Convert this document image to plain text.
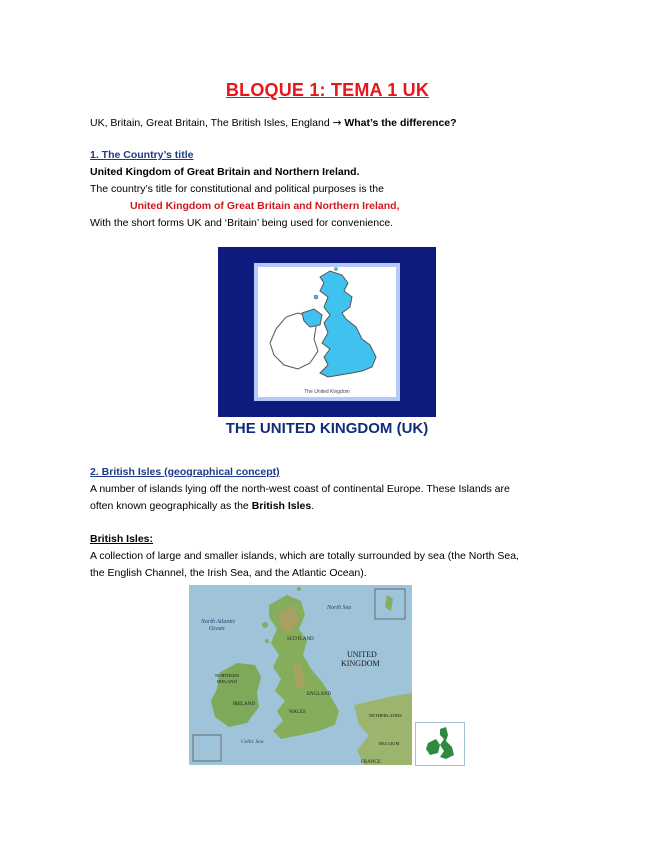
BLOQUE 1: TEMA 1 UK
UK, Britain, Great Britain, The British Isles, England → What’s the difference?
1. The Country’s title
United Kingdom of Great Britain and Northern Ireland.
The country’s title for constitutional and political purposes is the
United Kingdom of Great Britain and Northern Ireland,
With the short forms UK and ‘Britain’ being used for convenience.
The United Kingdom
THE UNITED KINGDOM (UK)
2. British Isles (geographical concept)
A number of islands lying off the north-west coast of continental Europe. These Islands are
often known geographically as the British Isles.
British Isles:
A collection of large and smaller islands, which are totally surrounded by sea (the North Sea,
the English Channel, the Irish Sea, and the Atlantic Ocean).
North Atlantic
Ocean
North Sea
Celtic Sea
SCOTLAND
UNITED
KINGDOM
NORTHERN
IRELAND
IRELAND
WALES
ENGLAND
NETHERLANDS
BELGIUM
FRANCE
